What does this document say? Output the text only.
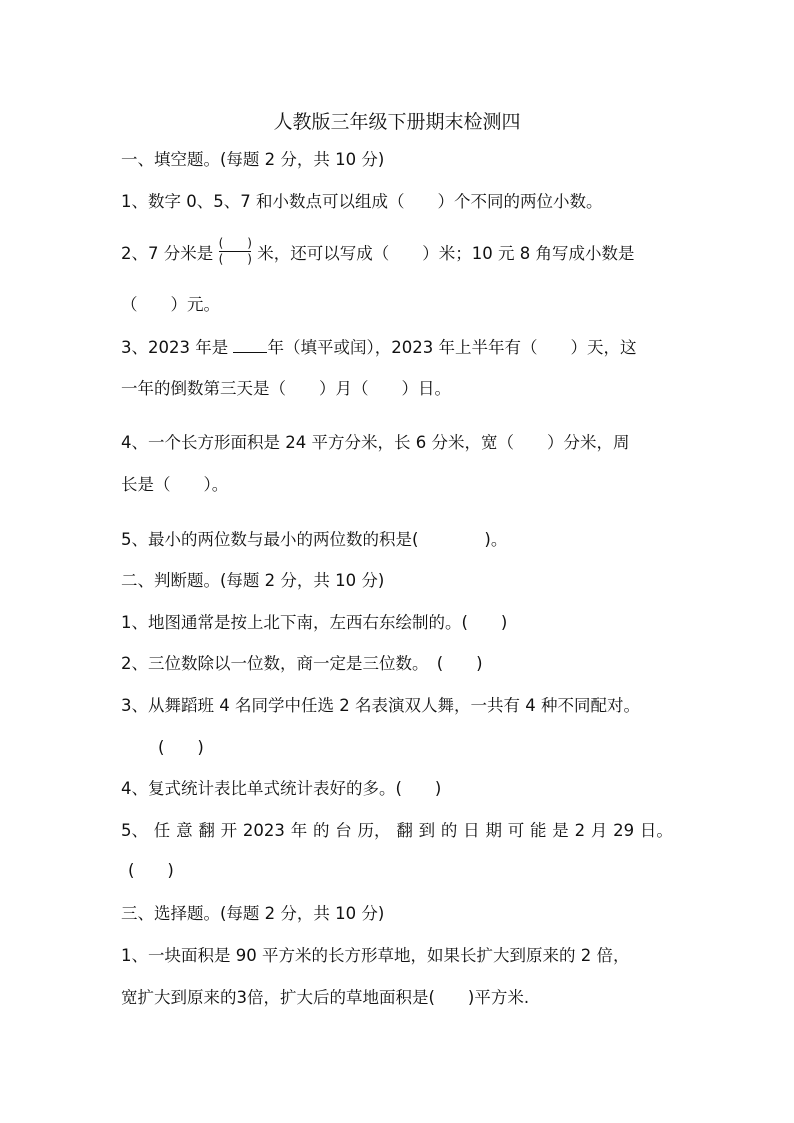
人教版三年级下册期末检测四
一、填空题。(每题 2 分，共 10 分)
1、数字 0、5、7 和小数点可以组成（　　）个不同的两位小数。
2、7 分米是 $\frac{( )}{( )}$ 米，还可以写成（　　）米；10 元 8 角写成小数是
（　　）元。
3、2023 年是 年（填平或闰），2023 年上半年有（　　）天，这
一年的倒数第三天是（　　）月（　　）日。
4、一个长方形面积是 24 平方分米，长 6 分米，宽（　　）分米，周
长是（　　）。
5、最小的两位数与最小的两位数的积是(　　　　)。
二、判断题。(每题 2 分，共 10 分)
1、地图通常是按上北下南，左西右东绘制的。(　　)
2、三位数除以一位数，商一定是三位数。　(　　)
3、从舞蹈班 4 名同学中任选 2 名表演双人舞，一共有 4 种不同配对。
(　　)
4、复式统计表比单式统计表好的多。(　　)
5、 任 意 翻 开 2023 年 的 台 历， 翻 到 的 日 期 可 能 是 2 月 29 日。
(　　)
三、选择题。(每题 2 分，共 10 分)
1、一块面积是 90 平方米的长方形草地，如果长扩大到原来的 2 倍，
宽扩大到原来的3倍，扩大后的草地面积是(　　)平方米.
